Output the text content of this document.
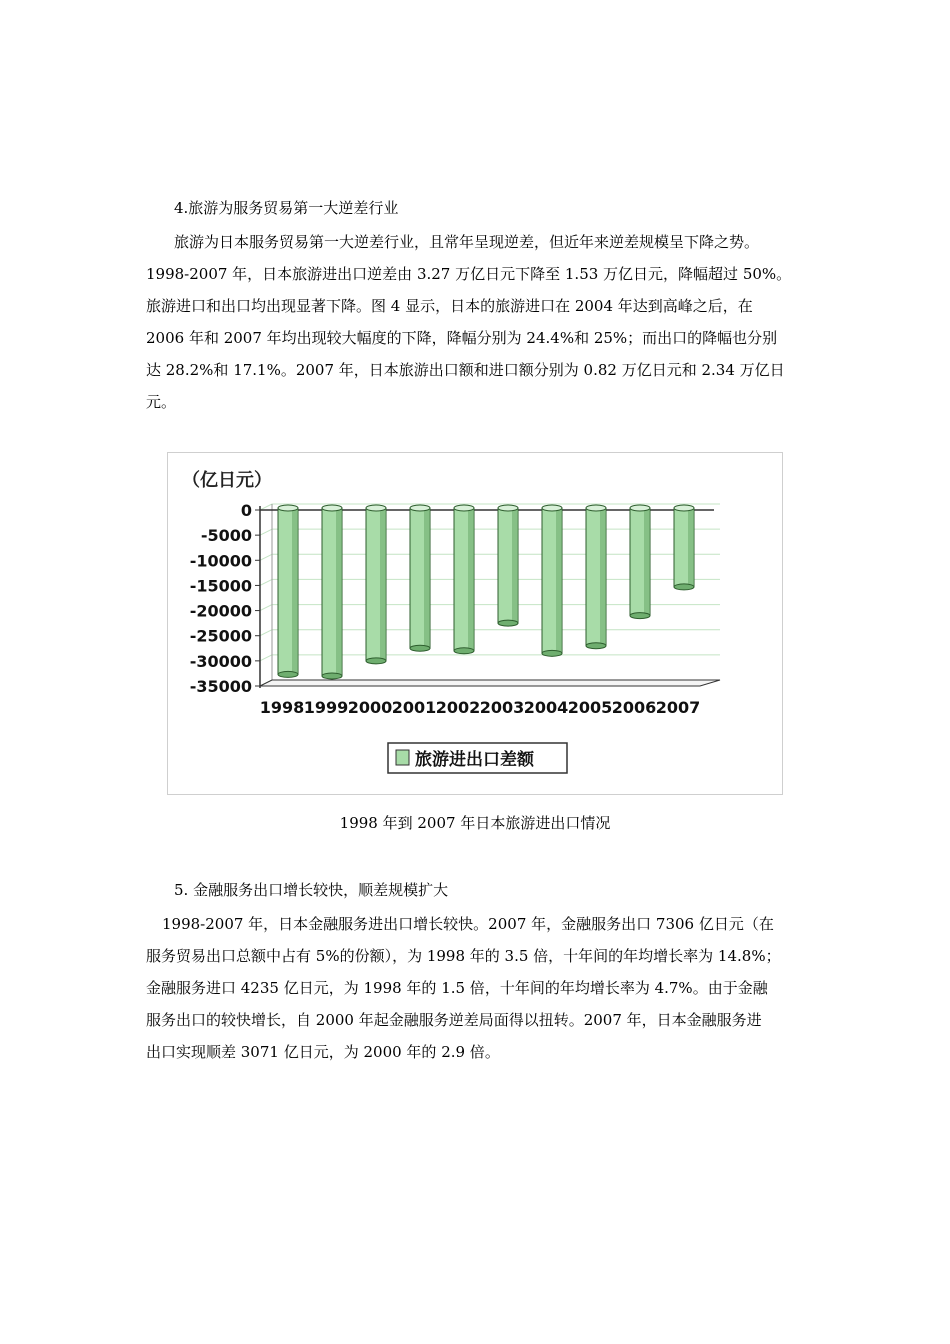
4.旅游为服务贸易第一大逆差行业
旅游为日本服务贸易第一大逆差行业，且常年呈现逆差，但近年来逆差规模呈下降之势。
1998-2007 年，日本旅游进出口逆差由 3.27 万亿日元下降至 1.53 万亿日元，降幅超过 50%。
旅游进口和出口均出现显著下降。图 4 显示，日本的旅游进口在 2004 年达到高峰之后，在
2006 年和 2007 年均出现较大幅度的下降，降幅分别为 24.4%和 25%；而出口的降幅也分别
达 28.2%和 17.1%。2007 年，日本旅游出口额和进口额分别为 0.82 万亿日元和 2.34 万亿日
元。
（亿日元）
0
-5000
-10000
-15000
-20000
-25000
-30000
-35000
1998 1999 2000 2001 2002 2003 2004 2005 2006 2007
旅游进出口差额
1998 年到 2007 年日本旅游进出口情况
5. 金融服务出口增长较快，顺差规模扩大
1998-2007 年，日本金融服务进出口增长较快。2007 年，金融服务出口 7306 亿日元（在
服务贸易出口总额中占有 5%的份额），为 1998 年的 3.5 倍，十年间的年均增长率为 14.8%；
金融服务进口 4235 亿日元，为 1998 年的 1.5 倍，十年间的年均增长率为 4.7%。由于金融
服务出口的较快增长，自 2000 年起金融服务逆差局面得以扭转。2007 年，日本金融服务进
出口实现顺差 3071 亿日元，为 2000 年的 2.9 倍。
